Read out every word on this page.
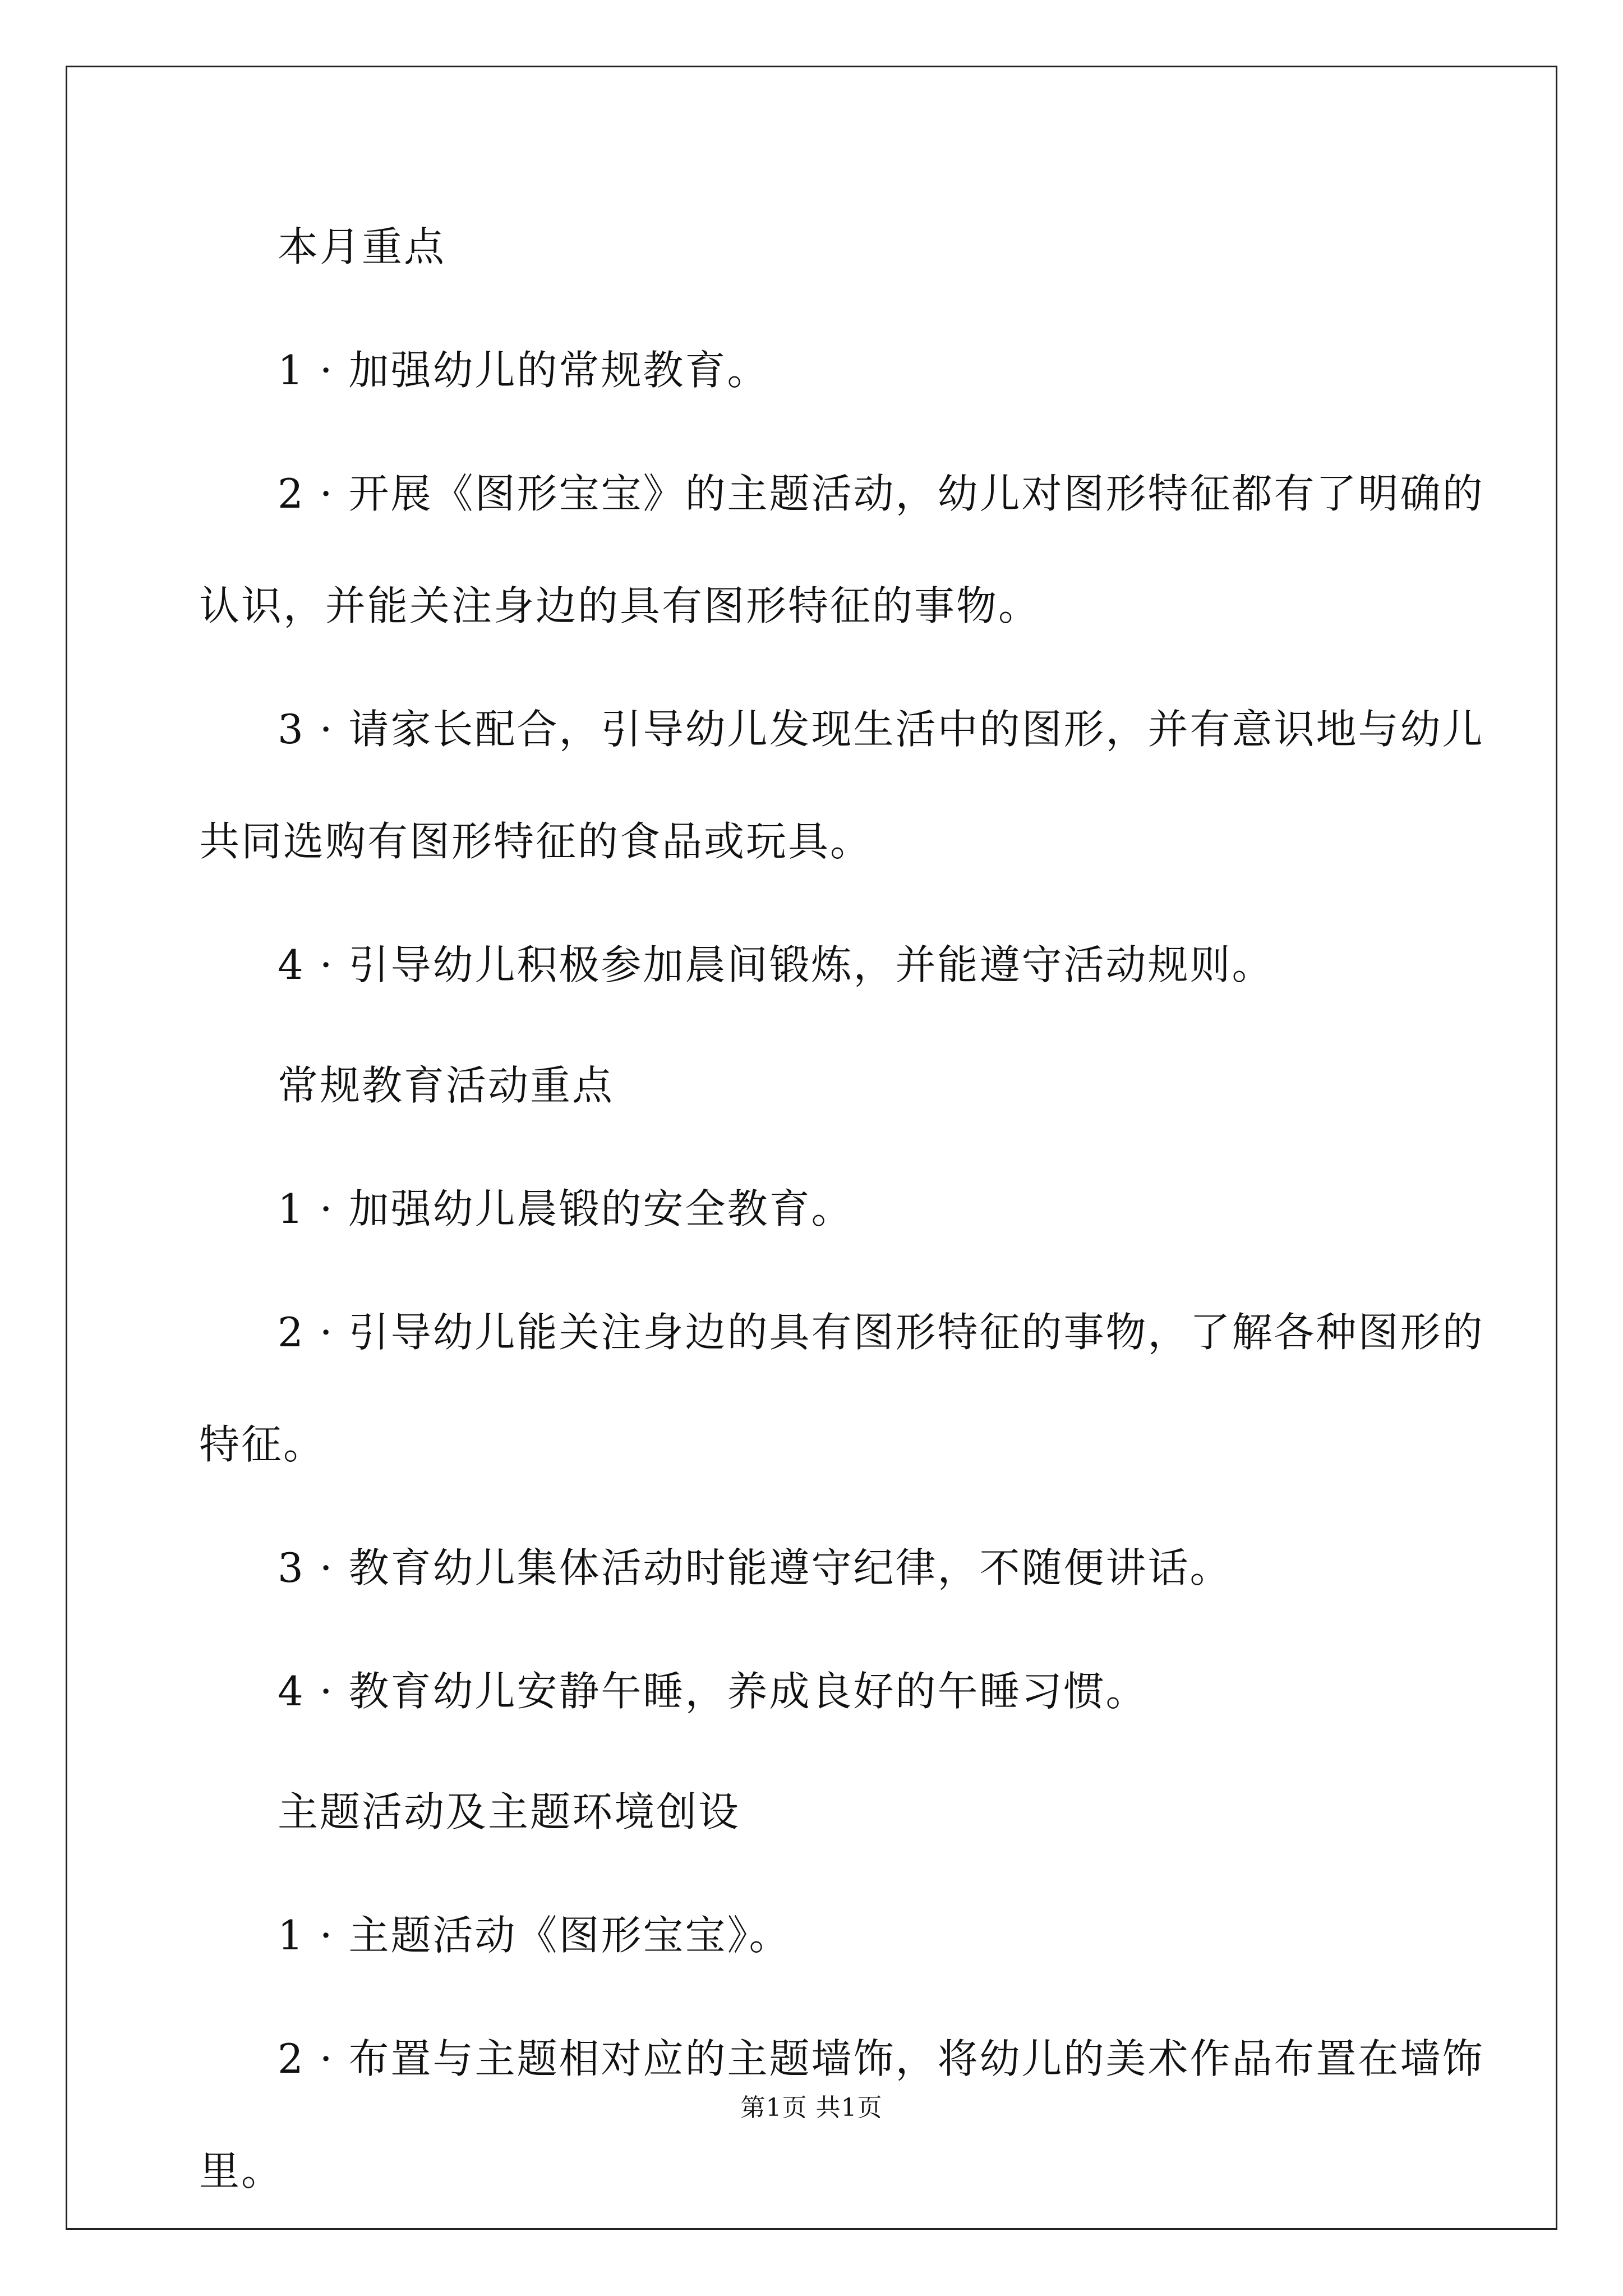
本月重点
1 · 加强幼儿的常规教育。
2 · 开展《图形宝宝》的主题活动，幼儿对图形特征都有了明确的
认识，并能关注身边的具有图形特征的事物。
3 · 请家长配合，引导幼儿发现生活中的图形，并有意识地与幼儿
共同选购有图形特征的食品或玩具。
4 · 引导幼儿积极参加晨间锻炼，并能遵守活动规则。
常规教育活动重点
1 · 加强幼儿晨锻的安全教育。
2 · 引导幼儿能关注身边的具有图形特征的事物，了解各种图形的
特征。
3 · 教育幼儿集体活动时能遵守纪律，不随便讲话。
4 · 教育幼儿安静午睡，养成良好的午睡习惯。
主题活动及主题环境创设
1 · 主题活动《图形宝宝》。
2 · 布置与主题相对应的主题墙饰，将幼儿的美术作品布置在墙饰
里。
第1页 共1页
